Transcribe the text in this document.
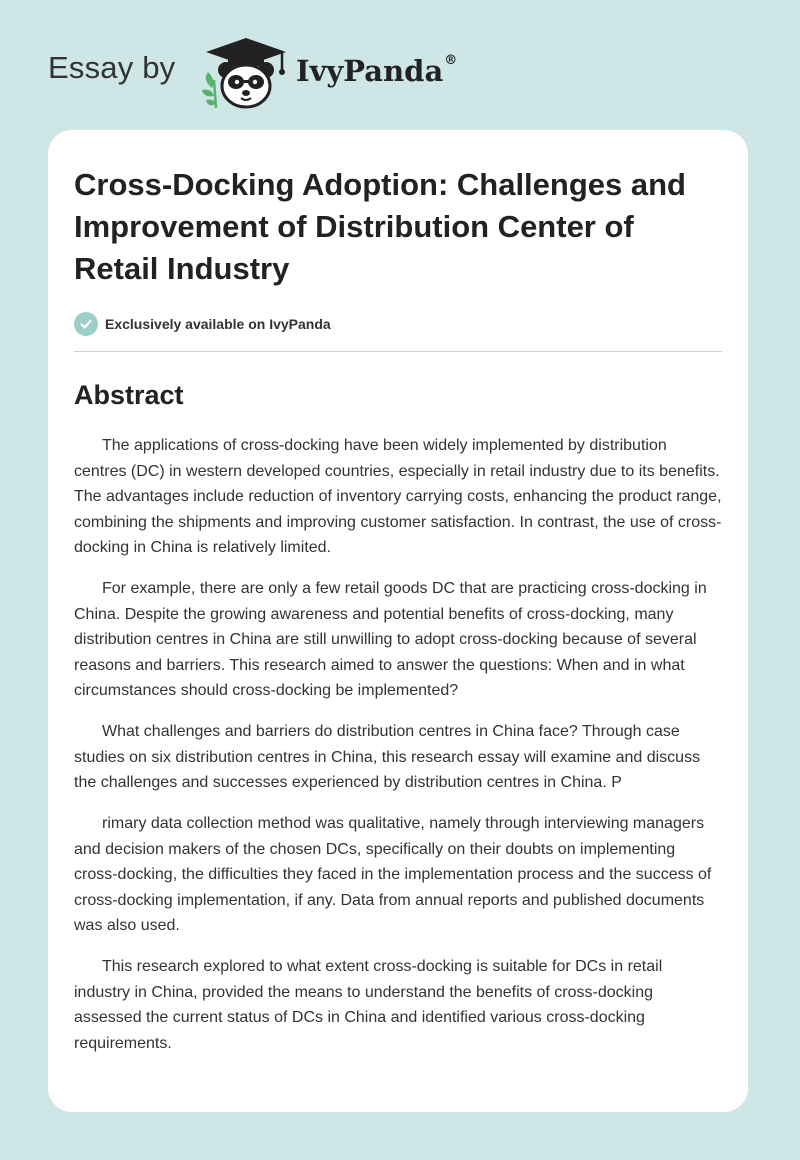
Essay by	IvyPanda®
Cross-Docking Adoption: Challenges and Improvement of Distribution Center of Retail Industry
Exclusively available on IvyPanda
Abstract

The applications of cross-docking have been widely implemented by distribution centres (DC) in western developed countries, especially in retail industry due to its benefits. The advantages include reduction of inventory carrying costs, enhancing the product range, combining the shipments and improving customer satisfaction. In contrast, the use of cross-docking in China is relatively limited.

For example, there are only a few retail goods DC that are practicing cross-docking in China. Despite the growing awareness and potential benefits of cross-docking, many distribution centres in China are still unwilling to adopt cross-docking because of several reasons and barriers. This research aimed to answer the questions: When and in what circumstances should cross-docking be implemented?

What challenges and barriers do distribution centres in China face? Through case studies on six distribution centres in China, this research essay will examine and discuss the challenges and successes experienced by distribution centres in China. P

rimary data collection method was qualitative, namely through interviewing managers and decision makers of the chosen DCs, specifically on their doubts on implementing cross-docking, the difficulties they faced in the implementation process and the success of cross-docking implementation, if any. Data from annual reports and published documents was also used.

This research explored to what extent cross-docking is suitable for DCs in retail industry in China, provided the means to understand the benefits of cross-docking assessed the current status of DCs in China and identified various cross-docking requirements.
